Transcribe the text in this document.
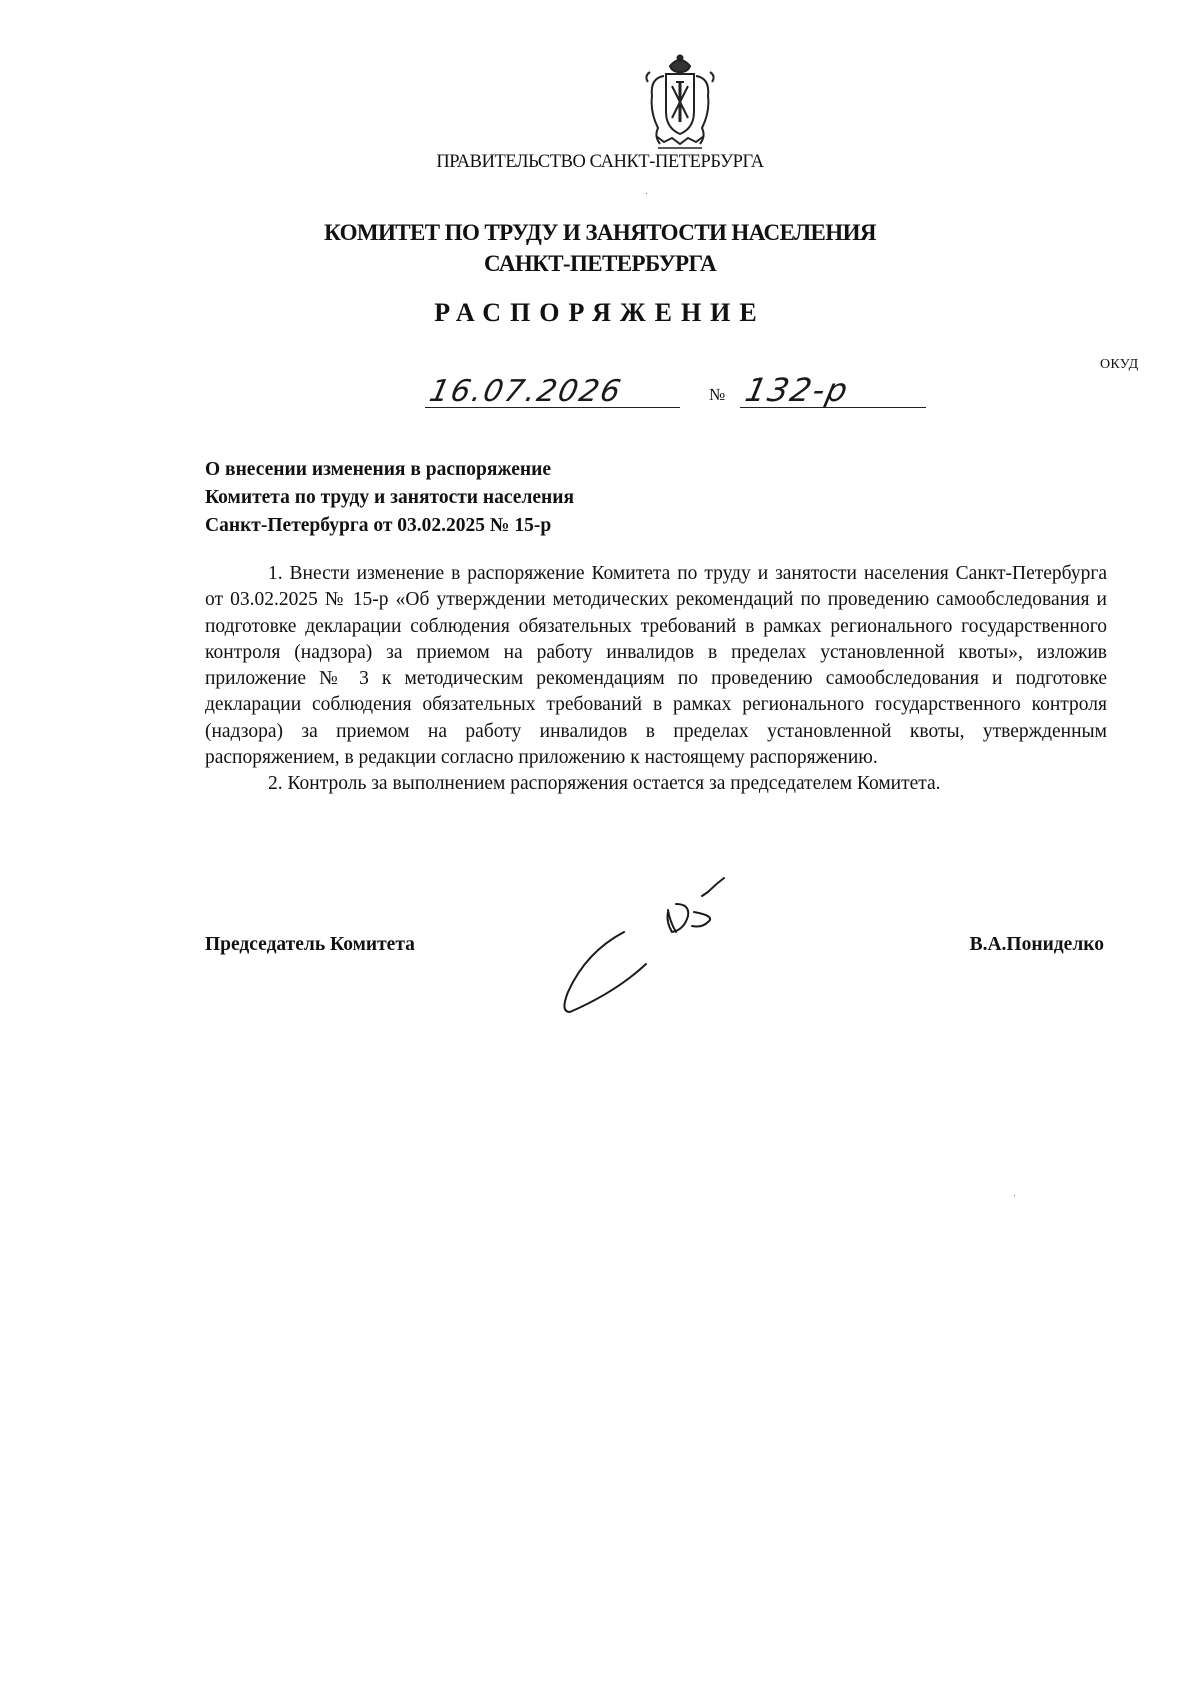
ПРАВИТЕЛЬСТВО САНКТ-ПЕТЕРБУРГА
КОМИТЕТ ПО ТРУДУ И ЗАНЯТОСТИ НАСЕЛЕНИЯ
САНКТ-ПЕТЕРБУРГА
РАСПОРЯЖЕНИЕ
ОКУД
16.07.2026	№ 132-р
О внесении изменения в распоряжение
Комитета по труду и занятости населения
Санкт-Петербурга от 03.02.2025 № 15-р

1. Внести изменение в распоряжение Комитета по труду и занятости населения Санкт-Петербурга от 03.02.2025 № 15-р «Об утверждении методических рекомендаций по проведению самообследования и подготовке декларации соблюдения обязательных требований в рамках регионального государственного контроля (надзора) за приемом на работу инвалидов в пределах установленной квоты», изложив приложение № 3 к методическим рекомендациям по проведению самообследования и подготовке декларации соблюдения обязательных требований в рамках регионального государственного контроля (надзора) за приемом на работу инвалидов в пределах установленной квоты, утвержденным распоряжением, в редакции согласно приложению к настоящему распоряжению.

2. Контроль за выполнением распоряжения остается за председателем Комитета.

Председатель Комитета	В.А.Пониделко
